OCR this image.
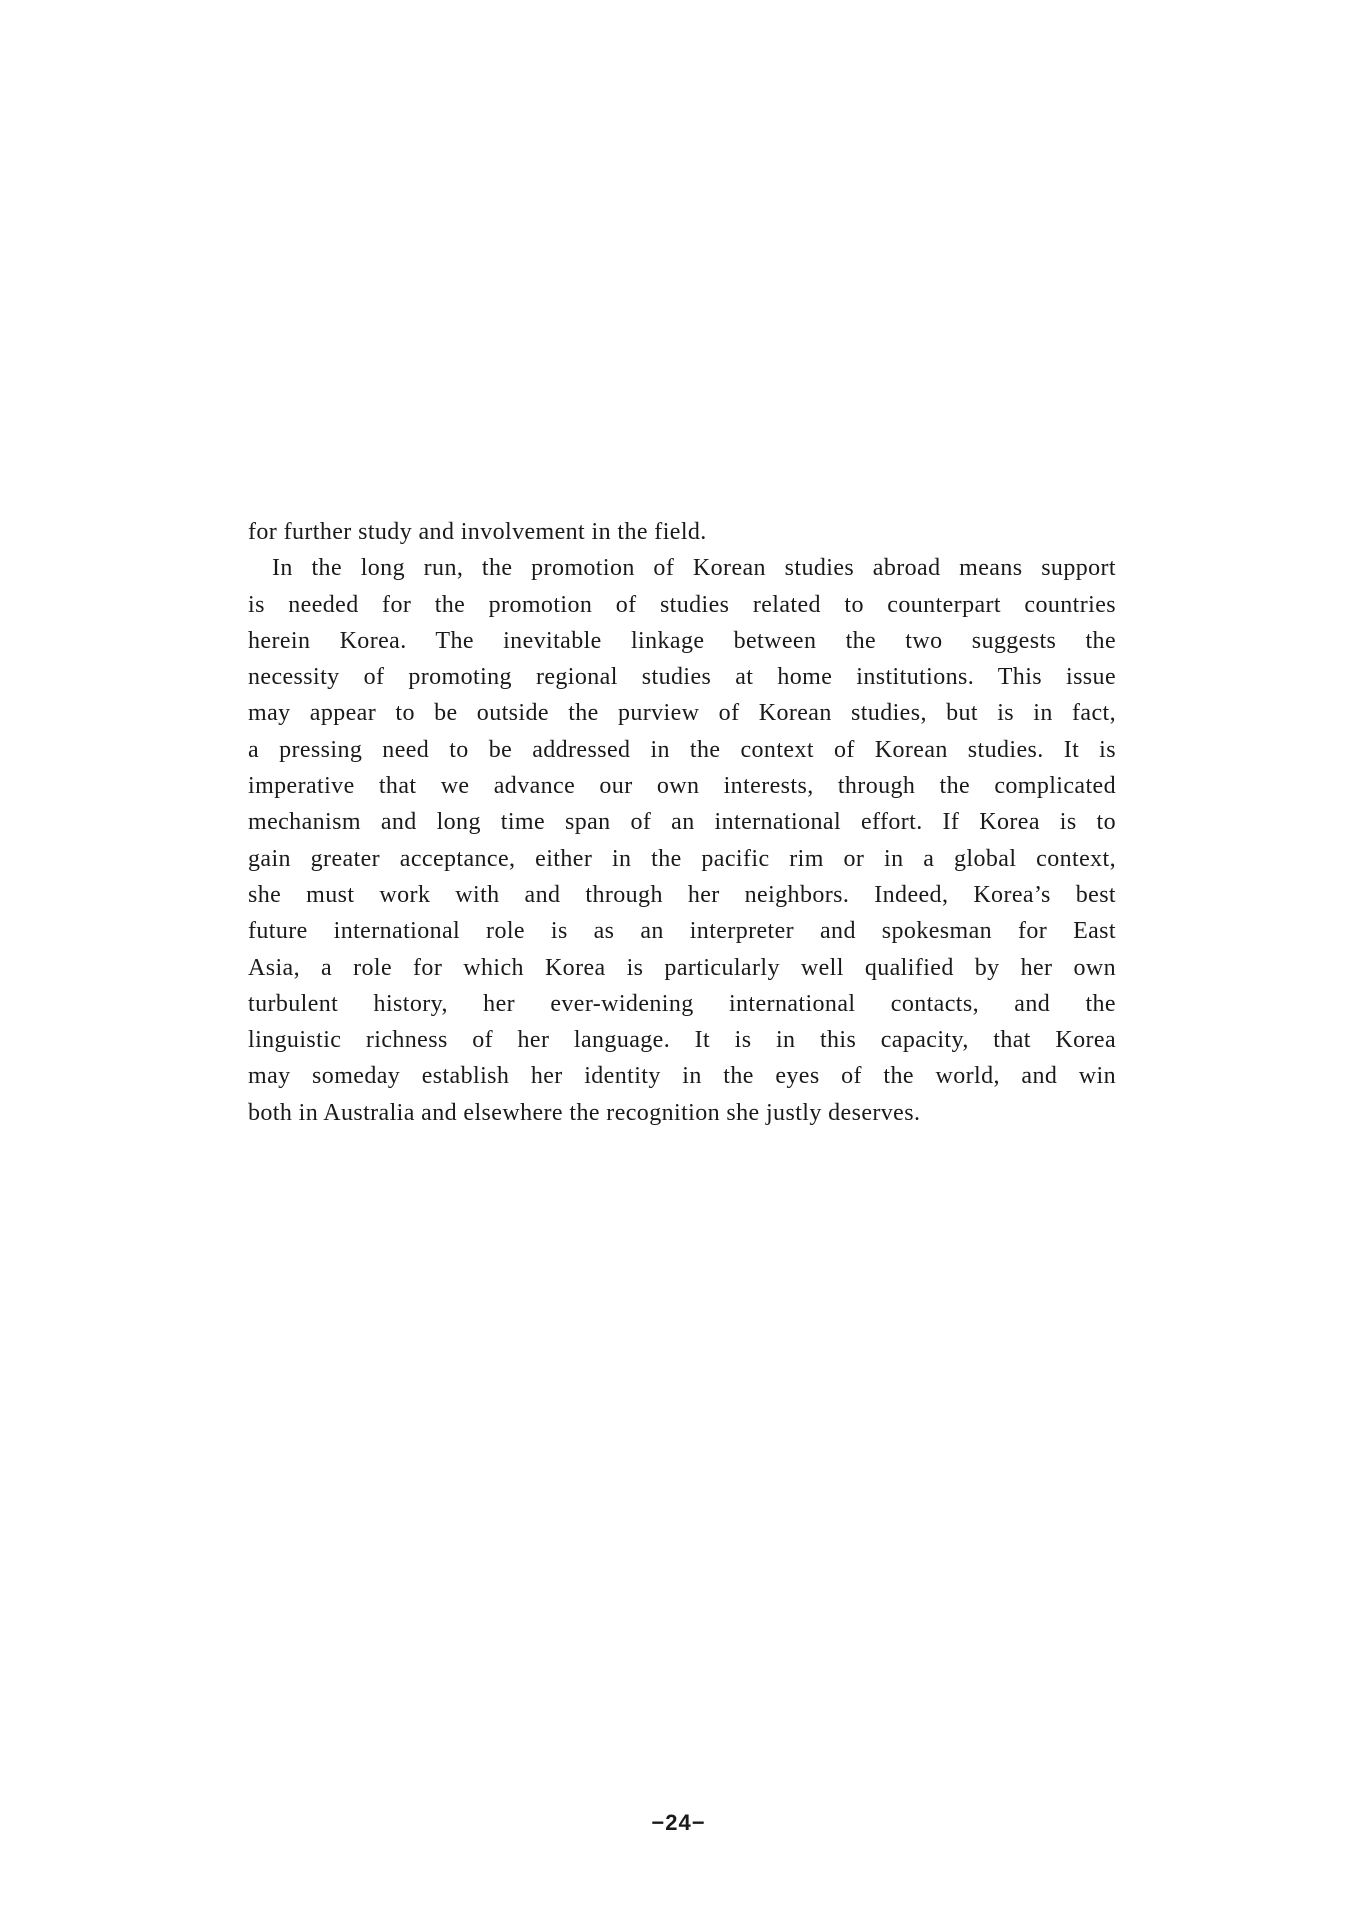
for further study and involvement in the field.
In the long run, the promotion of Korean studies abroad means support
is needed for the promotion of studies related to counterpart countries
herein Korea. The inevitable linkage between the two suggests the
necessity of promoting regional studies at home institutions. This issue
may appear to be outside the purview of Korean studies, but is in fact,
a pressing need to be addressed in the context of Korean studies. It is
imperative that we advance our own interests, through the complicated
mechanism and long time span of an international effort. If Korea is to
gain greater acceptance, either in the pacific rim or in a global context,
she must work with and through her neighbors. Indeed, Korea’s best
future international role is as an interpreter and spokesman for East
Asia, a role for which Korea is particularly well qualified by her own
turbulent history, her ever-widening international contacts, and the
linguistic richness of her language. It is in this capacity, that Korea
may someday establish her identity in the eyes of the world, and win
both in Australia and elsewhere the recognition she justly deserves.
−24−
